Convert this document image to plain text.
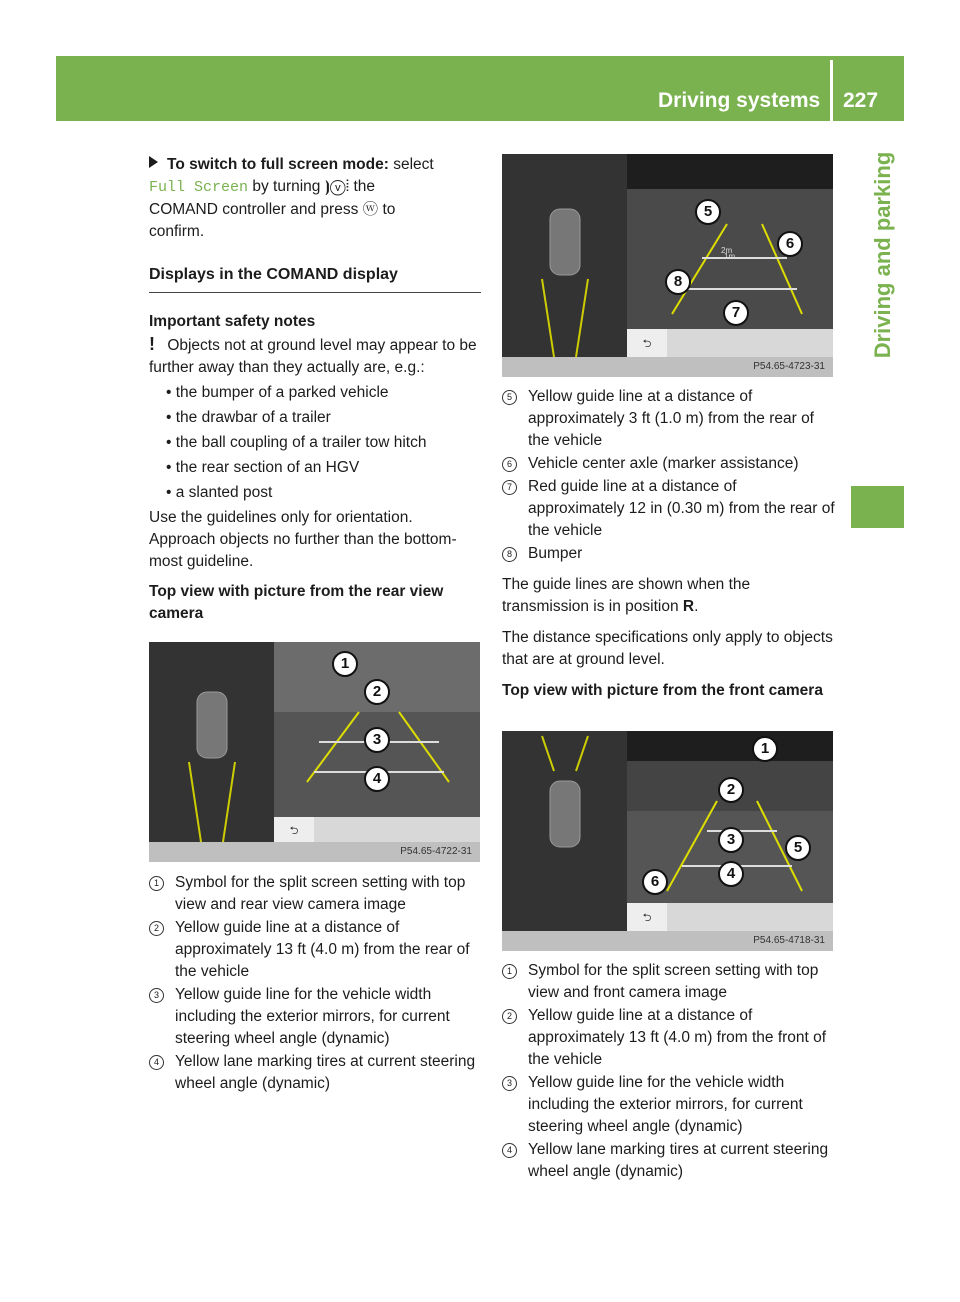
Driving systems 227
Driving and parking

To switch to full screen mode: select
Full Screen by turning ⦘ⓥ⦙ the
COMAND controller and press ⓦ to
confirm.

Displays in the COMAND display
Important safety notes

! Objects not at ground level may appear to be further away than they actually are, e.g.:

• the bumper of a parked vehicle
• the drawbar of a trailer
• the ball coupling of a trailer tow hitch
• the rear section of an HGV
• a slanted post

Use the guidelines only for orientation. Approach objects no further than the bottom-most guideline.

Top view with picture from the rear view camera
⮌
P54.65-4722-31
1
2
3
4
1	Symbol for the split screen setting with top view and rear view camera image
2	Yellow guide line at a distance of approximately 13 ft (4.0 m) from the rear of the vehicle
3	Yellow guide line for the vehicle width including the exterior mirrors, for current steering wheel angle (dynamic)
4	Yellow lane marking tires at current steering wheel angle (dynamic)
⮌
2m
1m
P54.65-4723-31
5
6
8
7
5	Yellow guide line at a distance of approximately 3 ft (1.0 m) from the rear of the vehicle
6	Vehicle center axle (marker assistance)
7	Red guide line at a distance of approximately 12 in (0.30 m) from the rear of the vehicle
8	Bumper

The guide lines are shown when the transmission is in position R.

The distance specifications only apply to objects that are at ground level.

Top view with picture from the front camera
⮌
P54.65-4718-31
1
2
3	5
4
6
1	Symbol for the split screen setting with top view and front camera image
2	Yellow guide line at a distance of approximately 13 ft (4.0 m) from the front of the vehicle
3	Yellow guide line for the vehicle width including the exterior mirrors, for current steering wheel angle (dynamic)
4	Yellow lane marking tires at current steering wheel angle (dynamic)
